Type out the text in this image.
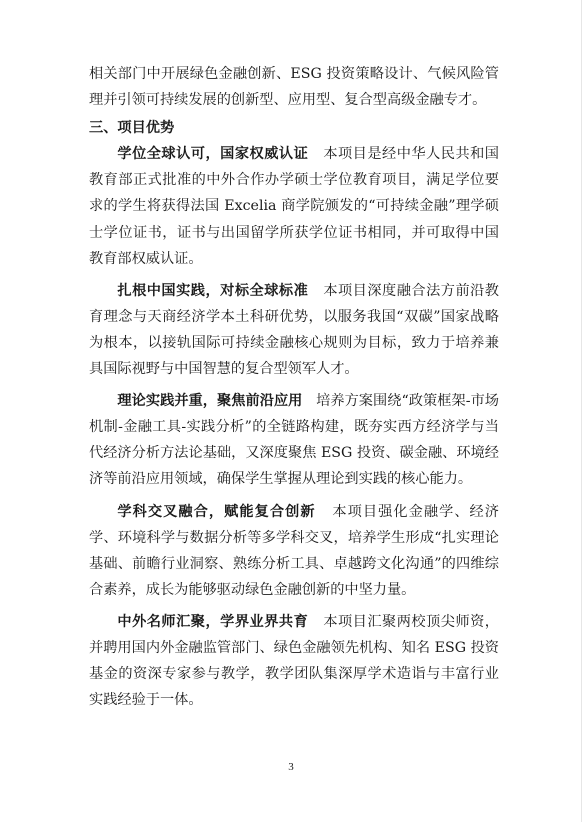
相关部门中开展绿色金融创新、ESG 投资策略设计、气候风险管理并引领可持续发展的创新型、应用型、复合型高级金融专才。

三、项目优势

学位全球认可，国家权威认证 本项目是经中华人民共和国教育部正式批准的中外合作办学硕士学位教育项目，满足学位要求的学生将获得法国 Excelia 商学院颁发的“可持续金融”理学硕士学位证书，证书与出国留学所获学位证书相同，并可取得中国教育部权威认证。

扎根中国实践，对标全球标准 本项目深度融合法方前沿教育理念与天商经济学本土科研优势，以服务我国“双碳”国家战略为根本，以接轨国际可持续金融核心规则为目标，致力于培养兼具国际视野与中国智慧的复合型领军人才。

理论实践并重，聚焦前沿应用 培养方案围绕“政策框架-市场机制-金融工具-实践分析”的全链路构建，既夯实西方经济学与当代经济分析方法论基础，又深度聚焦 ESG 投资、碳金融、环境经济等前沿应用领域，确保学生掌握从理论到实践的核心能力。

学科交叉融合，赋能复合创新 本项目强化金融学、经济学、环境科学与数据分析等多学科交叉，培养学生形成“扎实理论基础、前瞻行业洞察、熟练分析工具、卓越跨文化沟通”的四维综合素养，成长为能够驱动绿色金融创新的中坚力量。

中外名师汇聚，学界业界共育 本项目汇聚两校顶尖师资，并聘用国内外金融监管部门、绿色金融领先机构、知名 ESG 投资基金的资深专家参与教学，教学团队集深厚学术造诣与丰富行业实践经验于一体。

3
